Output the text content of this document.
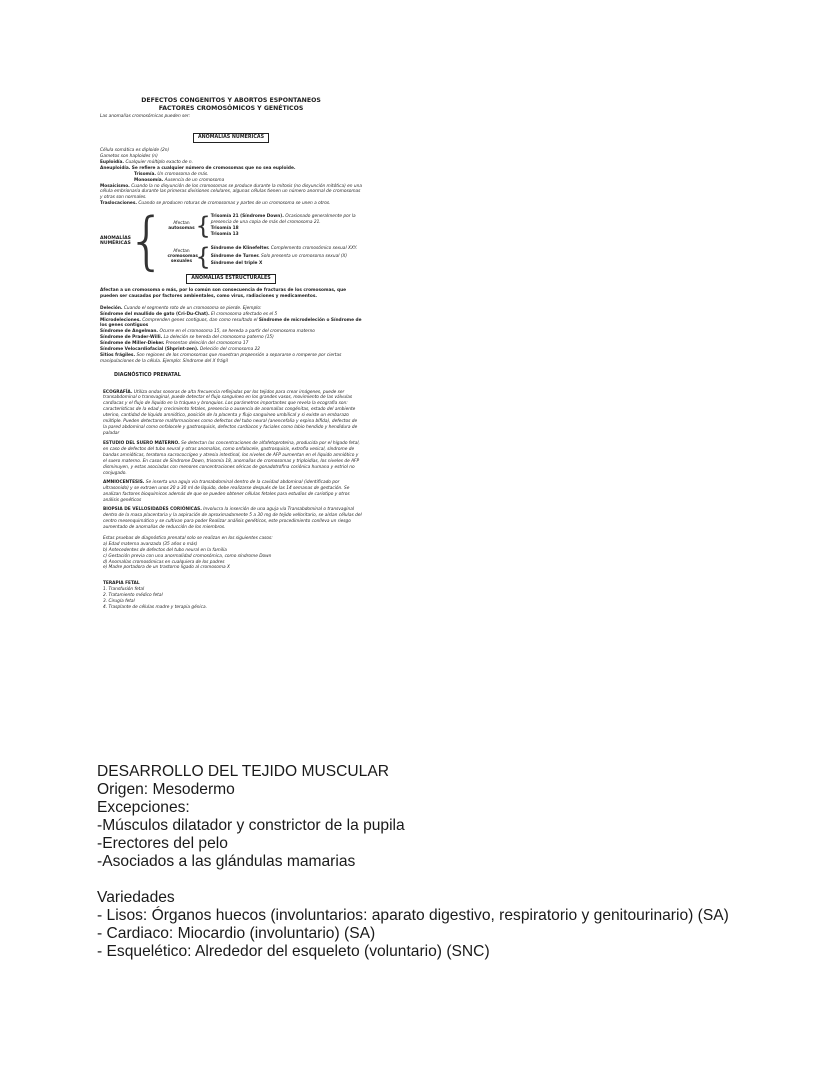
DEFECTOS CONGENITOS Y ABORTOS ESPONTANEOS

FACTORES CROMOSÓMICOS Y GENÉTICOS

Las anomalías cromosómicas pueden ser:

ANOMALÍAS NUMÉRICAS

Célula somática es diploide (2n)

Gametos son haploides (n)

Euploidía. Cualquier múltiplo exacto de n.

Aneuploidía. Se refiere a cualquier número de cromosomas que no sea euploide.

Trisomía. Un cromosoma de más.

Monosomía. Ausencia de un cromosoma

Mosaicismo. Cuando la no disyunción de los cromosomas se produce durante la mitosis (no disyunción mitótica) en una célula embrionaria durante las primeras divisiones celulares, algunas células tienen un número anormal de cromosomas y otras son normales.

Traslocaciones. Cuando se producen roturas de cromosomas y partes de un cromosoma se unen a otros.

ANOMALÍAS
NUMÉRICAS
{	Afectan
autosomas { Trisomía 21 (Síndrome Down). Ocasionado generalmente por la presencia de una copia de más del cromosoma 21.

Trisomía 18

Trisomía 13

Afectan
cromosomas
sexuales { Síndrome de Klinefelter. Complemento cromosómico sexual XXY.

Síndrome de Turner. Solo presenta un cromosoma sexual (X)

Síndrome del triple X

ANOMALÍAS ESTRUCTURALES

Afectan a un cromosoma o más, por lo común son consecuencia de fracturas de los cromosomas, que pueden ser causadas por factores ambientales, como virus, radiaciones y medicamentos.

Deleción. Cuando el segmento roto de un cromosoma se pierde. Ejemplo:

Síndrome del maullido de gato (Cri-Du-Chat). El cromosoma afectado es el 5

Microdeleciones. Comprenden genes contiguos, dan como resultado el Síndrome de microdeleción o Síndrome de los genes contiguos

Síndrome de Angelman. Ocurre en el cromosoma 15, se hereda a partir del cromosoma materno

Síndrome de Prader-Willi. La deleción se hereda del cromosoma paterno (15)

Síndrome de Miller-Dieker. Presentan deleción del cromosoma 17

Síndrome Velocardiofacial (Shprint-zen). Deleción del cromosoma 22

Sitios frágiles. Son regiones de los cromosomas que muestran propensión a separarse o romperse por ciertas manipulaciones de la célula. Ejemplo: Síndrome del X frágil

DIAGNÓSTICO PRENATAL

ECOGRAFÍA. Utiliza ondas sonoras de alta frecuencia reflejadas por los tejidos para crear imágenes, puede ser transabdominal o transvaginal, puede detectar el flujo sanguíneo en los grandes vasos, movimiento de las válvulas cardíacas y el flujo de líquido en la tráquea y bronquios. Los parámetros importantes que revela la ecografía son: características de la edad y crecimiento fetales, presencia o ausencia de anomalías congénitas, estado del ambiente uterino, cantidad de líquido amniótico, posición de la placenta y flujo sanguíneo umbilical y si existe un embarazo múltiple. Pueden detectarse malformaciones como defectos del tubo neural (anencefalia y espina bífida), defectos de la pared abdominal como onfalocele y gastrosquisis, defectos cardíacos y faciales como labio hendido y hendidura de paladar

ESTUDIO DEL SUERO MATERNO. Se detectan las concentraciones de alfafetoproteína, producida por el hígado fetal, en caso de defectos del tubo neural y otras anomalías, como onfalocele, gastrosquisis, extrofia vesical, síndrome de bandas amnióticas, teratoma sacrococcígeo y atresia intestinal, los niveles de AFP aumentan en el líquido amniótico y el suero materno. En casos de Síndrome Down, trisomía 18, anomalías de cromosomas y triploidías, los niveles de AFP disminuyen, y estas asociadas con menores concentraciones séricas de gonadotrofina coriónica humana y estriol no conjugado.

AMNIOCENTESIS. Se inserta una aguja vía transabdominal dentro de la cavidad abdominal (identificado por ultrasonido) y se extraen unos 20 a 30 ml de líquido, debe realizarse después de las 14 semanas de gestación. Se analizan factores bioquímicos además de que se pueden obtener células fetales para estudios de cariotipo y otros análisis genéticos

BIOPSIA DE VELLOSIDADES CORIÓNICAS. Involucra la inserción de una aguja vía Transabdominal o transvaginal dentro de la masa placentaria y la aspiración de aproximadamente 5 a 30 mg de tejido velloritario, se aíslan células del centro mesenquimático y se cultivan para poder Realizar análisis genéticos, este procedimiento conlleva un riesgo aumentado de anomalías de reducción de los miembros.

Estas pruebas de diagnóstico prenatal solo se realizan en los siguientes casos:

a) Edad materna avanzada (35 años o más)

b) Antecedentes de defectos del tubo neural en la familia

c) Gestación previa con una anormalidad cromosómica, como síndrome Down

d) Anomalías cromosómicas en cualquiera de los padres

e) Madre portadora de un trastorno ligado al cromosoma X

TERAPIA FETAL

1. Transfusión fetal

2. Tratamiento médico fetal

3. Cirugía fetal

4. Trasplante de células madre y terapia génica.

DESARROLLO DEL TEJIDO MUSCULAR

Origen: Mesodermo

Excepciones:

-Músculos dilatador y constrictor de la pupila

-Erectores del pelo

-Asociados a las glándulas mamarias

Variedades

- Lisos: Órganos huecos (involuntarios: aparato digestivo, respiratorio y genitourinario) (SA)

- Cardiaco: Miocardio (involuntario) (SA)

- Esquelético: Alrededor del esqueleto (voluntario) (SNC)
